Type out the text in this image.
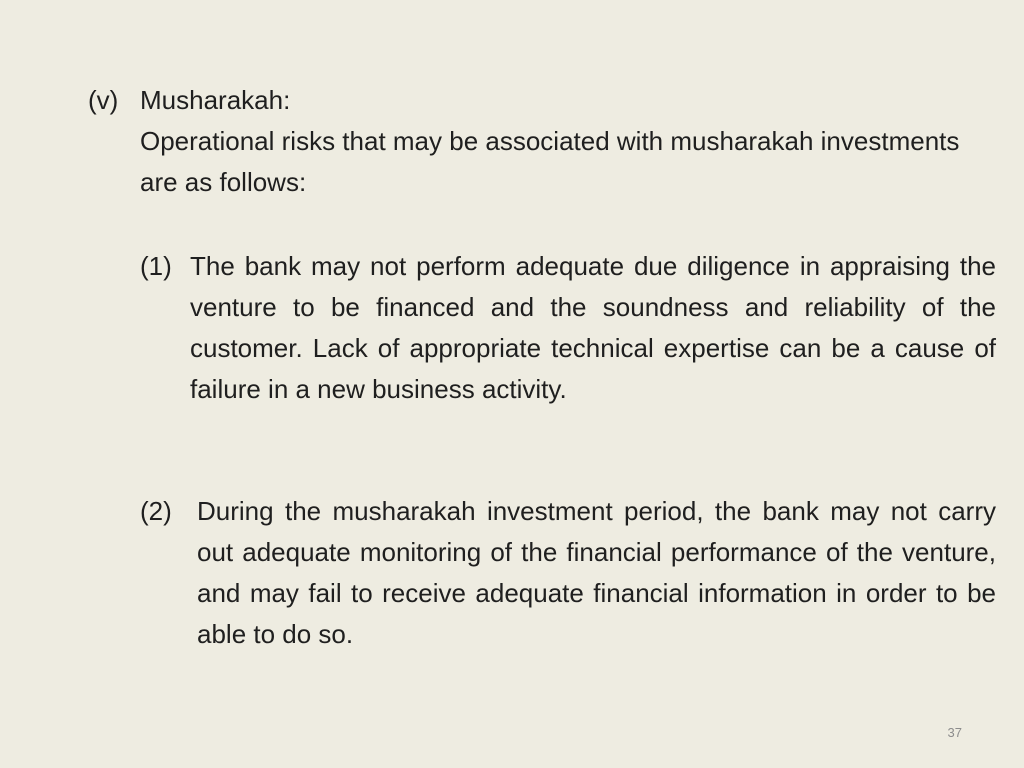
(v) Musharakah:
Operational risks that may be associated with musharakah investments are as follows:
(1) The bank may not perform adequate due diligence in appraising the venture to be financed and the soundness and reliability of the customer. Lack of appropriate technical expertise can be a cause of failure in a new business activity.
(2) During the musharakah investment period, the bank may not carry out adequate monitoring of the financial performance of the venture, and may fail to receive adequate financial information in order to be able to do so.
37
